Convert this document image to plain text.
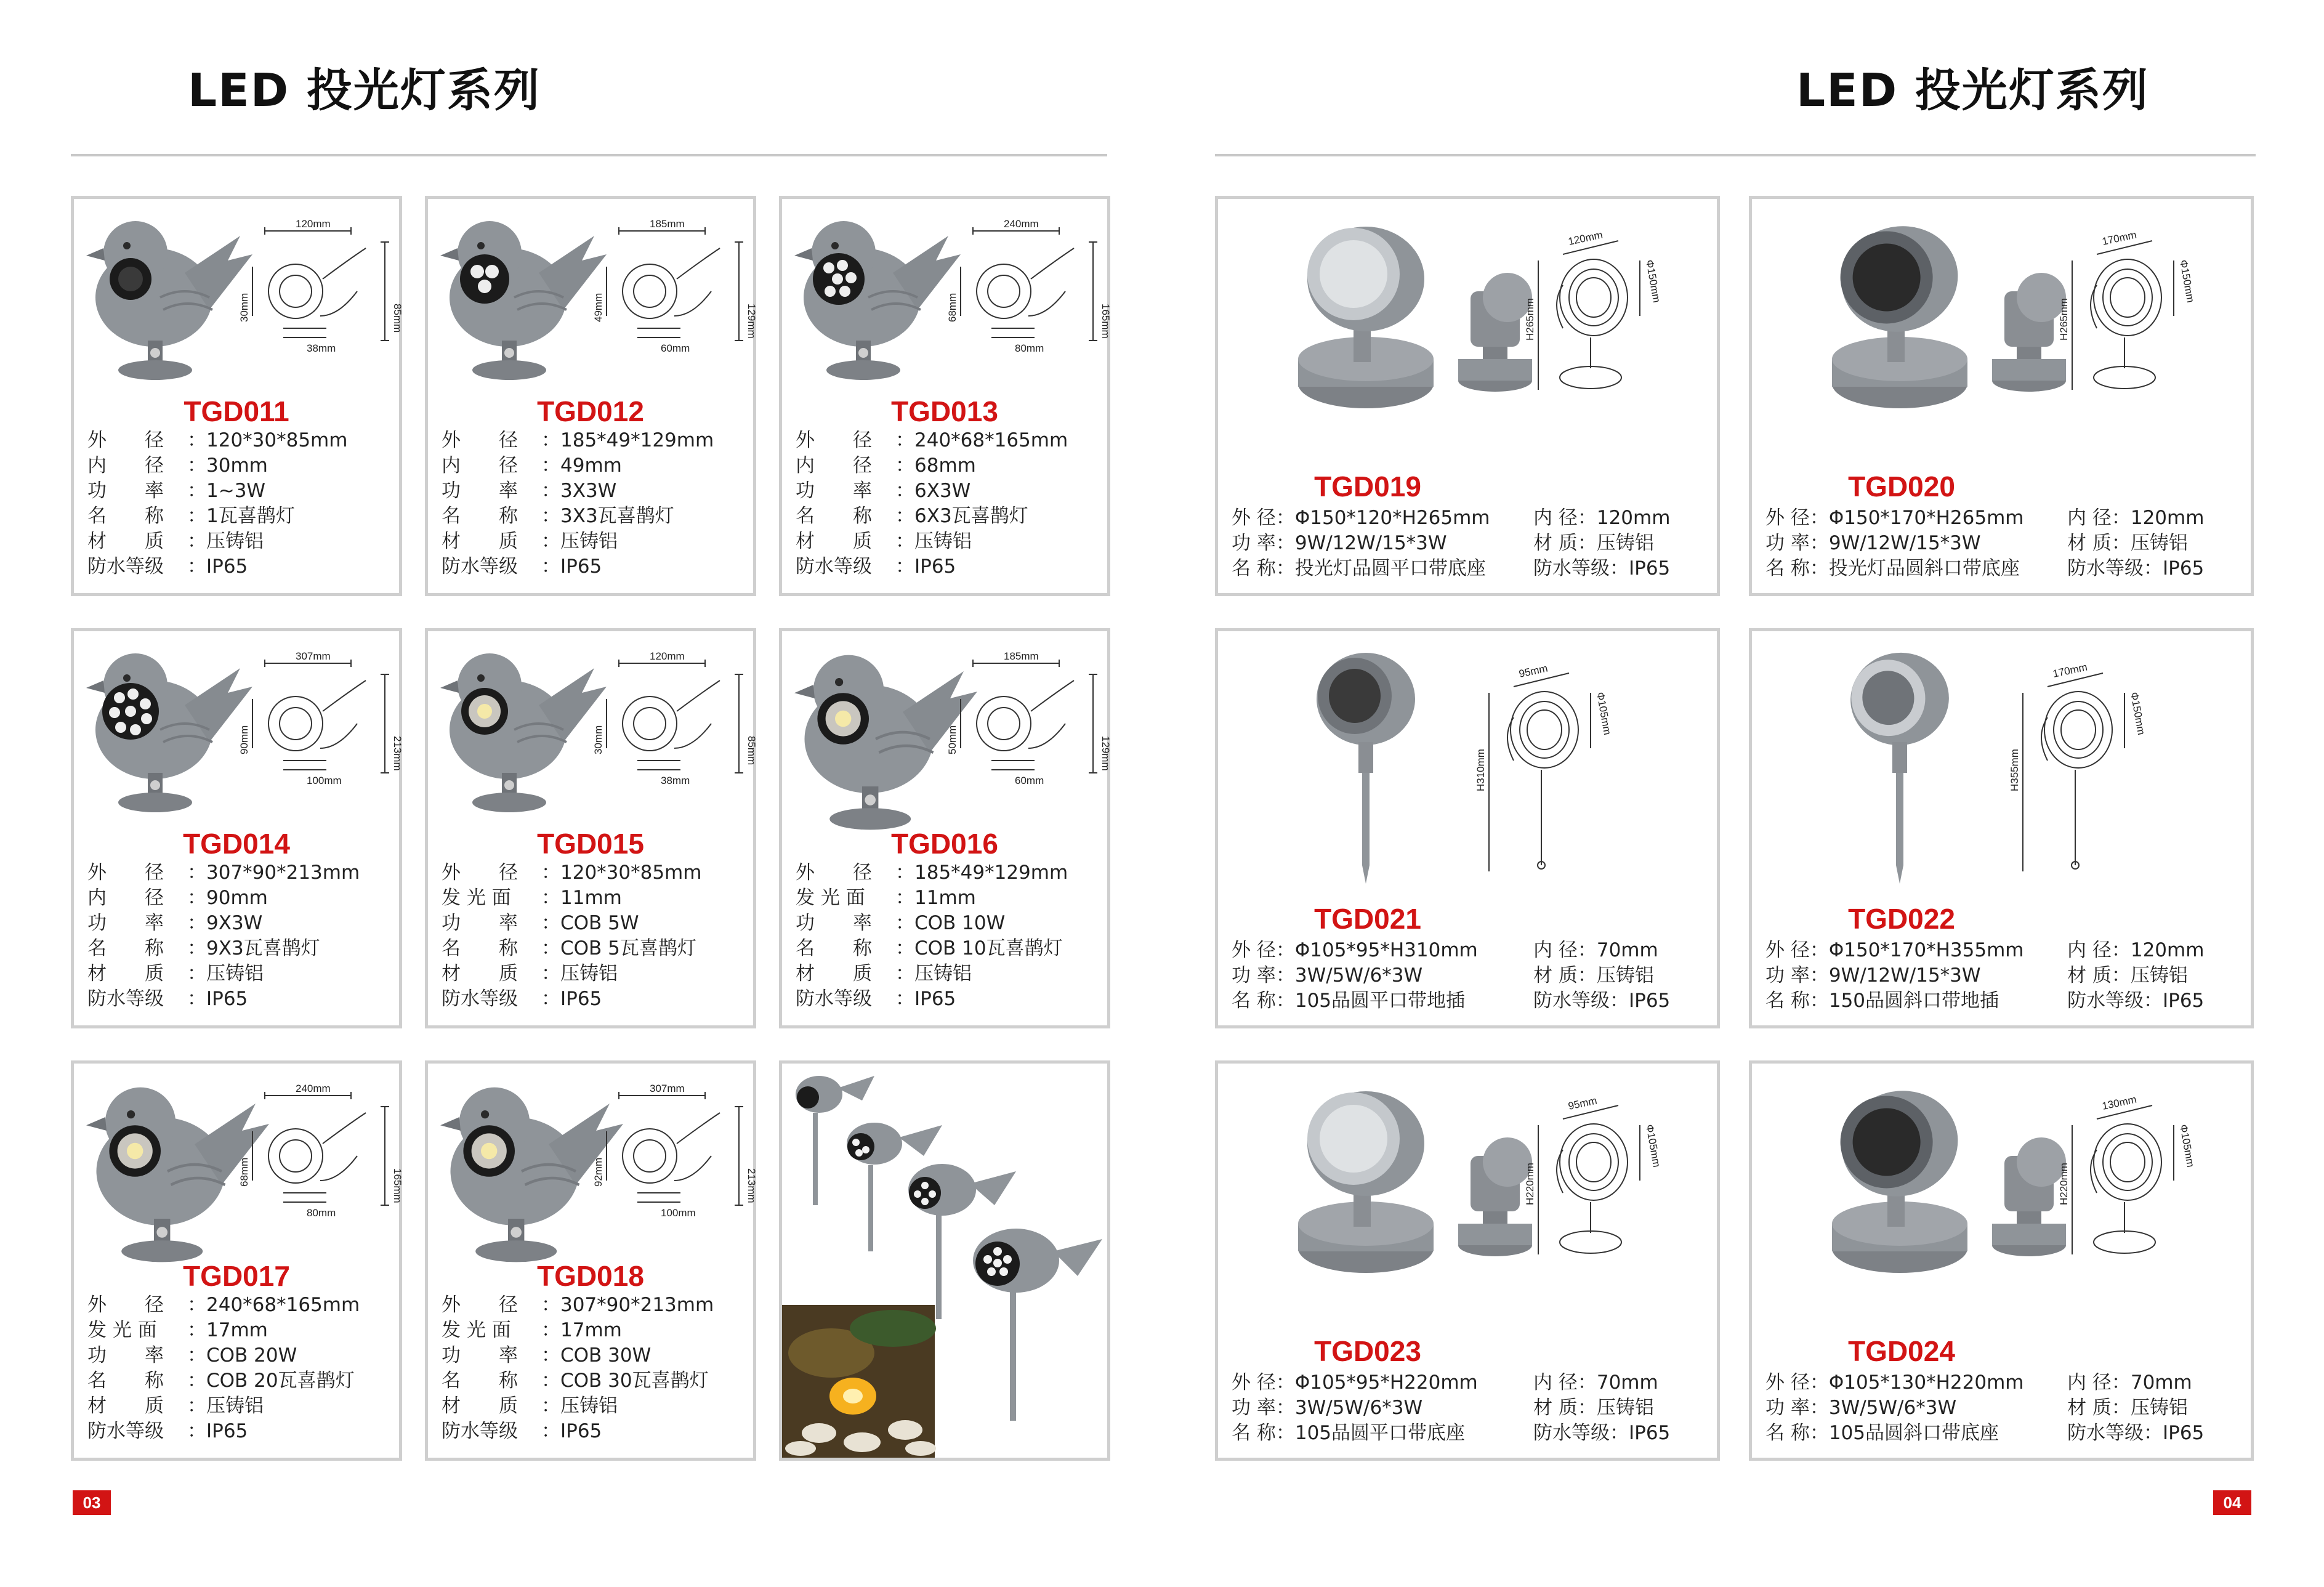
LED 投光灯系列	LED 投光灯系列
120mm
85mm
30mm
38mm
TGD011
外　　径 ：120*30*85mm
内　　径 ：30mm
功　　率 ：1~3W
名　　称 ：1瓦喜鹊灯
材　　质 ：压铸铝
防水等级 ：IP65
185mm
129mm
49mm
60mm
TGD012
外　　径 ：185*49*129mm
内　　径 ：49mm
功　　率 ：3X3W
名　　称 ：3X3瓦喜鹊灯
材　　质 ：压铸铝
防水等级 ：IP65
240mm
165mm
68mm
80mm
TGD013
外　　径 ：240*68*165mm
内　　径 ：68mm
功　　率 ：6X3W
名　　称 ：6X3瓦喜鹊灯
材　　质 ：压铸铝
防水等级 ：IP65
307mm
213mm
90mm
100mm
TGD014
外　　径 ：307*90*213mm
内　　径 ：90mm
功　　率 ：9X3W
名　　称 ：9X3瓦喜鹊灯
材　　质 ：压铸铝
防水等级 ：IP65
120mm
85mm
30mm
38mm
TGD015
外　　径 ：120*30*85mm
发 光 面 ：11mm
功　　率 ：COB 5W
名　　称 ：COB 5瓦喜鹊灯
材　　质 ：压铸铝
防水等级 ：IP65
185mm
129mm
50mm
60mm
TGD016
外　　径 ：185*49*129mm
发 光 面 ：11mm
功　　率 ：COB 10W
名　　称 ：COB 10瓦喜鹊灯
材　　质 ：压铸铝
防水等级 ：IP65
240mm
165mm
68mm
80mm
TGD017
外　　径 ：240*68*165mm
发 光 面 ：17mm
功　　率 ：COB 20W
名　　称 ：COB 20瓦喜鹊灯
材　　质 ：压铸铝
防水等级 ：IP65
307mm
213mm
92mm
100mm
TGD018
外　　径 ：307*90*213mm
发 光 面 ：17mm
功　　率 ：COB 30W
名　　称 ：COB 30瓦喜鹊灯
材　　质 ：压铸铝
防水等级 ：IP65
120mm
Φ150mm
H265mm
TGD019
外 径：Φ150*120*H265mm 内 径：120mm
功 率：9W/12W/15*3W	材 质：压铸铝
名 称：投光灯品圆平口带底座 防水等级：IP65
170mm
Φ150mm
H265mm
TGD020
外 径：Φ150*170*H265mm 内 径：120mm
功 率：9W/12W/15*3W	材 质：压铸铝
名 称：投光灯品圆斜口带底座 防水等级：IP65
95mm
Φ105mm
H310mm
TGD021
外 径：Φ105*95*H310mm	内 径：70mm
功 率：3W/5W/6*3W	材 质：压铸铝
名 称：105品圆平口带地插	防水等级：IP65
170mm
Φ150mm
H355mm
TGD022
外 径：Φ150*170*H355mm 内 径：120mm
功 率：9W/12W/15*3W	材 质：压铸铝
名 称：150品圆斜口带地插	防水等级：IP65
95mm
Φ105mm
H220mm
TGD023
外 径：Φ105*95*H220mm	内 径：70mm
功 率：3W/5W/6*3W	材 质：压铸铝
名 称：105品圆平口带底座	防水等级：IP65
130mm
Φ105mm
H220mm
TGD024
外 径：Φ105*130*H220mm 内 径：70mm
功 率：3W/5W/6*3W	材 质：压铸铝
名 称：105品圆斜口带底座	防水等级：IP65
03	04
